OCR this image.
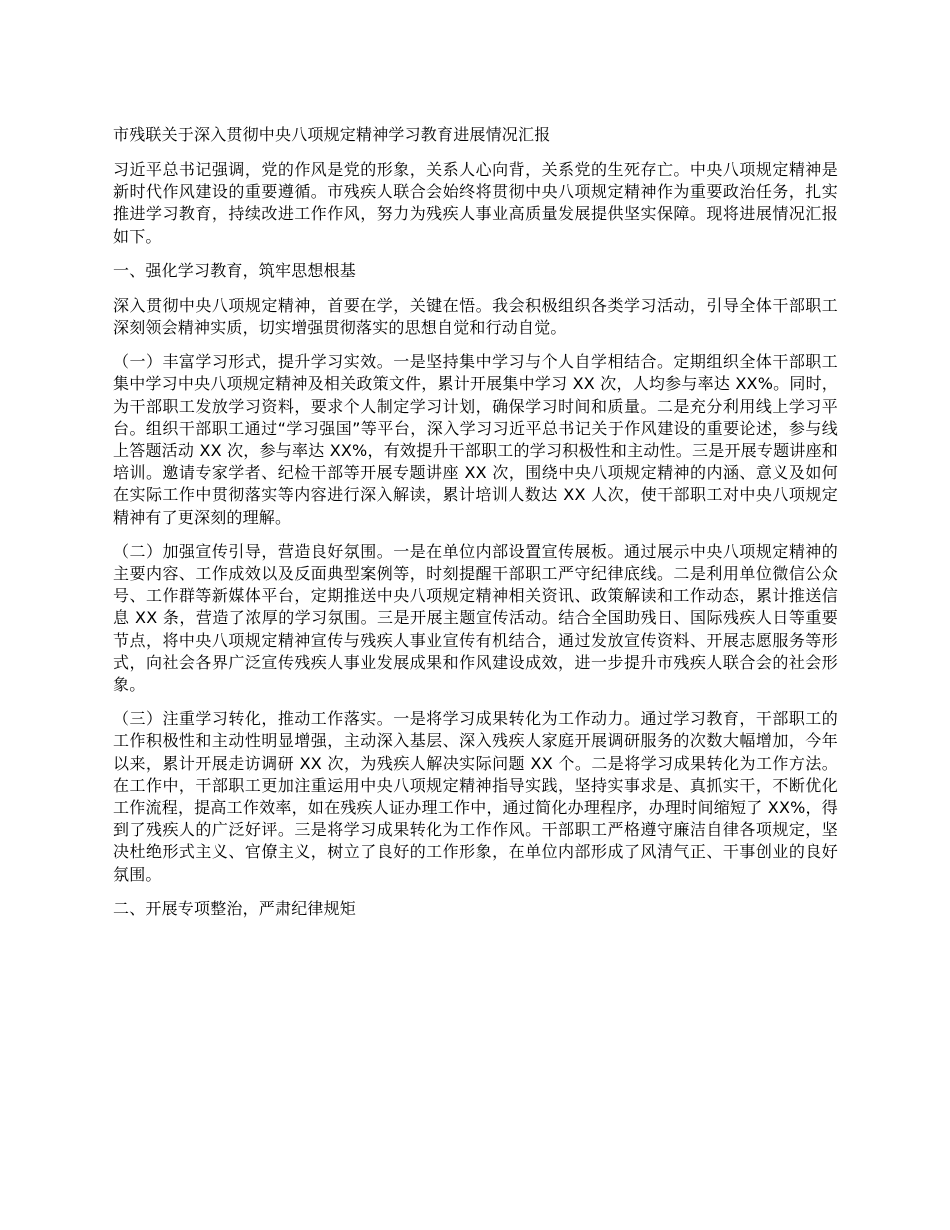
市残联关于深入贯彻中央八项规定精神学习教育进展情况汇报
习近平总书记强调，党的作风是党的形象，关系人心向背，关系党的生死存亡。中央八项规定精神是新时代作风建设的重要遵循。市残疾人联合会始终将贯彻中央八项规定精神作为重要政治任务，扎实推进学习教育，持续改进工作作风，努力为残疾人事业高质量发展提供坚实保障。现将进展情况汇报如下。
一、强化学习教育，筑牢思想根基
深入贯彻中央八项规定精神，首要在学，关键在悟。我会积极组织各类学习活动，引导全体干部职工深刻领会精神实质，切实增强贯彻落实的思想自觉和行动自觉。
（一）丰富学习形式，提升学习实效。一是坚持集中学习与个人自学相结合。定期组织全体干部职工集中学习中央八项规定精神及相关政策文件，累计开展集中学习 XX 次，人均参与率达 XX%。同时，为干部职工发放学习资料，要求个人制定学习计划，确保学习时间和质量。二是充分利用线上学习平台。组织干部职工通过“学习强国”等平台，深入学习习近平总书记关于作风建设的重要论述，参与线上答题活动 XX 次，参与率达 XX%，有效提升干部职工的学习积极性和主动性。三是开展专题讲座和培训。邀请专家学者、纪检干部等开展专题讲座 XX 次，围绕中央八项规定精神的内涵、意义及如何在实际工作中贯彻落实等内容进行深入解读，累计培训人数达 XX 人次，使干部职工对中央八项规定精神有了更深刻的理解。
（二）加强宣传引导，营造良好氛围。一是在单位内部设置宣传展板。通过展示中央八项规定精神的主要内容、工作成效以及反面典型案例等，时刻提醒干部职工严守纪律底线。二是利用单位微信公众号、工作群等新媒体平台，定期推送中央八项规定精神相关资讯、政策解读和工作动态，累计推送信息 XX 条，营造了浓厚的学习氛围。三是开展主题宣传活动。结合全国助残日、国际残疾人日等重要节点，将中央八项规定精神宣传与残疾人事业宣传有机结合，通过发放宣传资料、开展志愿服务等形式，向社会各界广泛宣传残疾人事业发展成果和作风建设成效，进一步提升市残疾人联合会的社会形象。
（三）注重学习转化，推动工作落实。一是将学习成果转化为工作动力。通过学习教育，干部职工的工作积极性和主动性明显增强，主动深入基层、深入残疾人家庭开展调研服务的次数大幅增加，今年以来，累计开展走访调研 XX 次，为残疾人解决实际问题 XX 个。二是将学习成果转化为工作方法。在工作中，干部职工更加注重运用中央八项规定精神指导实践，坚持实事求是、真抓实干，不断优化工作流程，提高工作效率，如在残疾人证办理工作中，通过简化办理程序，办理时间缩短了 XX%，得到了残疾人的广泛好评。三是将学习成果转化为工作作风。干部职工严格遵守廉洁自律各项规定，坚决杜绝形式主义、官僚主义，树立了良好的工作形象，在单位内部形成了风清气正、干事创业的良好氛围。
二、开展专项整治，严肃纪律规矩
